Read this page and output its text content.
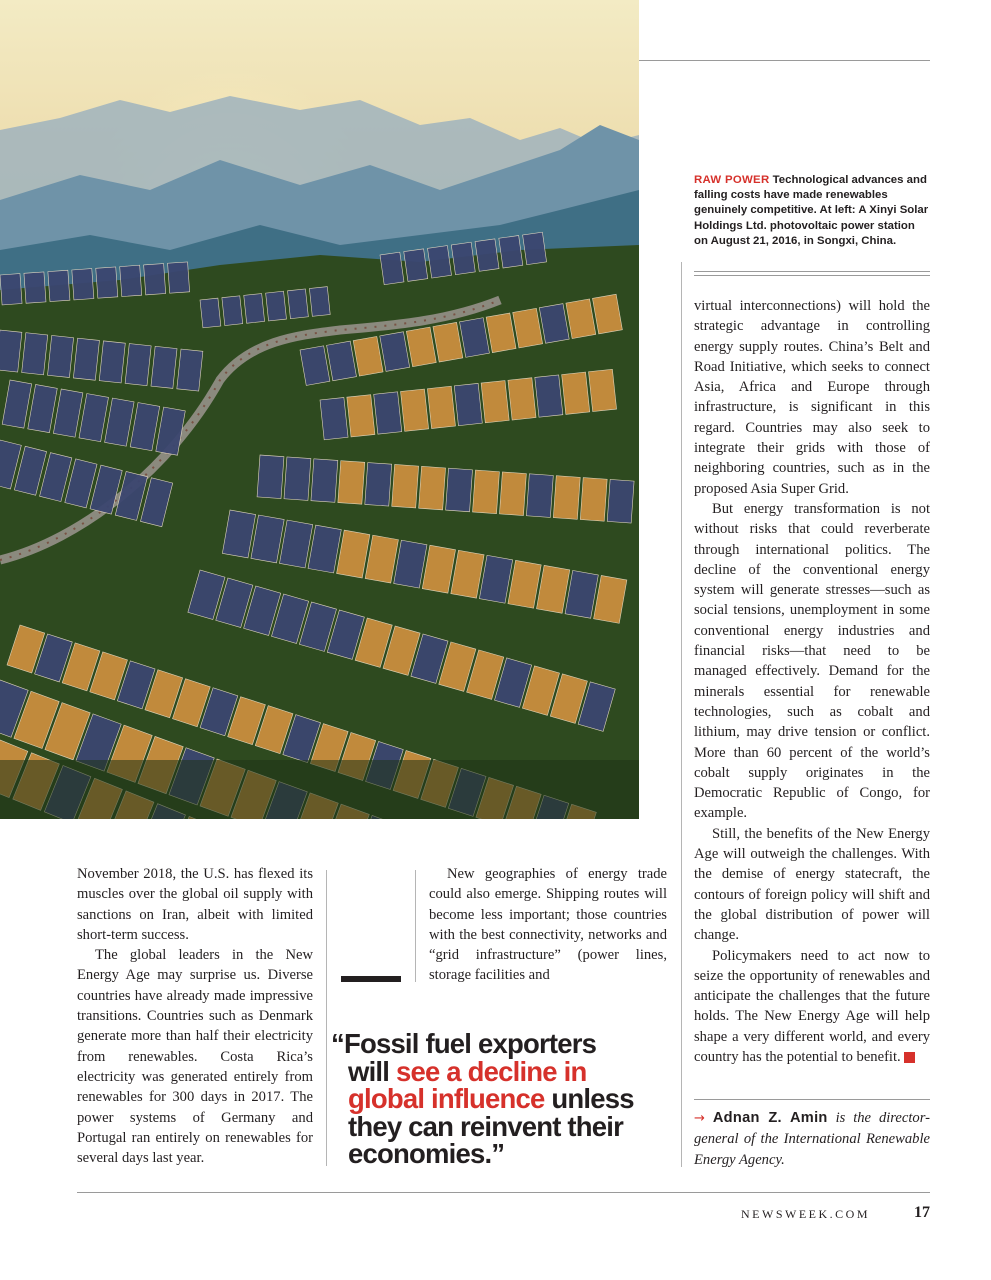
RAW POWER Technological advances and falling costs have made renewables genuinely competitive. At left: A Xinyi Solar Holdings Ltd. photovoltaic power station on August 21, 2016, in Songxi, China.

virtual interconnections) will hold the strategic advantage in controlling energy supply routes. China’s Belt and Road Initiative, which seeks to connect Asia, Africa and Europe through infrastructure, is significant in this regard. Countries may also seek to integrate their grids with those of neighboring countries, such as in the proposed Asia Super Grid.

But energy transformation is not without risks that could reverberate through international politics. The decline of the conventional energy system will generate stresses—such as social tensions, unemployment in some conventional energy industries and financial risks—that need to be managed effectively. Demand for the minerals essential for renewable technologies, such as cobalt and lithium, may drive tension or conflict. More than 60 percent of the world’s cobalt supply originates in the Democratic Republic of Congo, for example.

Still, the benefits of the New Energy Age will outweigh the challenges. With the demise of energy statecraft, the contours of foreign policy will shift and the global distribution of power will change.

Policymakers need to act now to seize the opportunity of renewables and anticipate the challenges that the future holds. The New Energy Age will help shape a very different world, and every country has the potential to benefit. N

November 2018, the U.S. has flexed its muscles over the global oil supply with sanctions on Iran, albeit with limited short-term success.

The global leaders in the New Energy Age may surprise us. Diverse countries have already made impressive transitions. Countries such as Denmark generate more than half their electricity from renewables. Costa Rica’s electricity was generated entirely from renewables for 300 days in 2017. The power systems of Germany and Portugal ran entirely on renewables for several days last year.

New geographies of energy trade could also emerge. Shipping routes will become less important; those countries with the best connectivity, networks and “grid infrastructure” (power lines, storage facilities and

“Fossil fuel exporters
will see a decline in
global influence unless
they can reinvent their
economies.”
→ Adnan Z. Amin is the director-general of the International Renewable Energy Agency.
NEWSWEEK.COM	17
